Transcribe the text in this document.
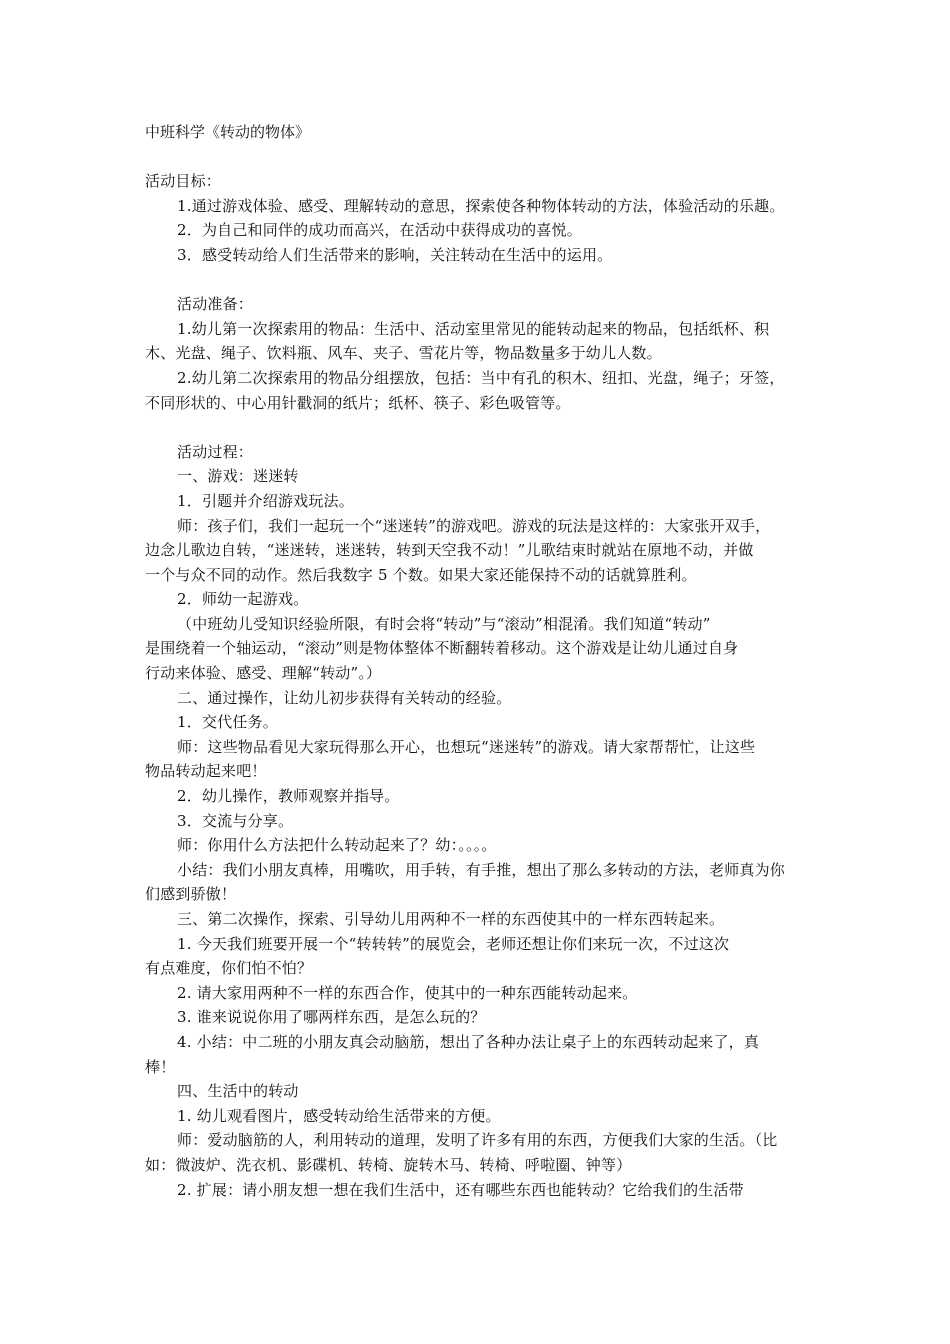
中班科学《转动的物体》
活动目标：
1.通过游戏体验、感受、理解转动的意思，探索使各种物体转动的方法，体验活动的乐趣。
2．为自己和同伴的成功而高兴，在活动中获得成功的喜悦。
3．感受转动给人们生活带来的影响，关注转动在生活中的运用。
活动准备：
1.幼儿第一次探索用的物品：生活中、活动室里常见的能转动起来的物品，包括纸杯、积
木、光盘、绳子、饮料瓶、风车、夹子、雪花片等，物品数量多于幼儿人数。
2.幼儿第二次探索用的物品分组摆放，包括：当中有孔的积木、纽扣、光盘，绳子；牙签，
不同形状的、中心用针戳洞的纸片；纸杯、筷子、彩色吸管等。
活动过程：
一、游戏：迷迷转
1．引题并介绍游戏玩法。
师：孩子们，我们一起玩一个“迷迷转”的游戏吧。游戏的玩法是这样的：大家张开双手，
边念儿歌边自转，“迷迷转，迷迷转，转到天空我不动！”儿歌结束时就站在原地不动，并做
一个与众不同的动作。然后我数字 5 个数。如果大家还能保持不动的话就算胜利。
2．师幼一起游戏。
（中班幼儿受知识经验所限，有时会将“转动”与“滚动”相混淆。我们知道“转动”
是围绕着一个轴运动，“滚动”则是物体整体不断翻转着移动。这个游戏是让幼儿通过自身
行动来体验、感受、理解“转动”。）
二、通过操作，让幼儿初步获得有关转动的经验。
1．交代任务。
师：这些物品看见大家玩得那么开心，也想玩“迷迷转”的游戏。请大家帮帮忙，让这些
物品转动起来吧！
2．幼儿操作，教师观察并指导。
3．交流与分享。
师：你用什么方法把什么转动起来了？幼：。。。。
小结：我们小朋友真棒，用嘴吹，用手转，有手推，想出了那么多转动的方法，老师真为你
们感到骄傲！
三、第二次操作，探索、引导幼儿用两种不一样的东西使其中的一样东西转起来。
1. 今天我们班要开展一个“转转转”的展览会，老师还想让你们来玩一次，不过这次
有点难度，你们怕不怕？
2. 请大家用两种不一样的东西合作，使其中的一种东西能转动起来。
3. 谁来说说你用了哪两样东西，是怎么玩的？
4. 小结：中二班的小朋友真会动脑筋，想出了各种办法让桌子上的东西转动起来了，真
棒！
四、生活中的转动
1. 幼儿观看图片，感受转动给生活带来的方便。
师：爱动脑筋的人，利用转动的道理，发明了许多有用的东西，方便我们大家的生活。（比
如：微波炉、洗衣机、影碟机、转椅、旋转木马、转椅、呼啦圈、钟等）
2. 扩展：请小朋友想一想在我们生活中，还有哪些东西也能转动？它给我们的生活带
